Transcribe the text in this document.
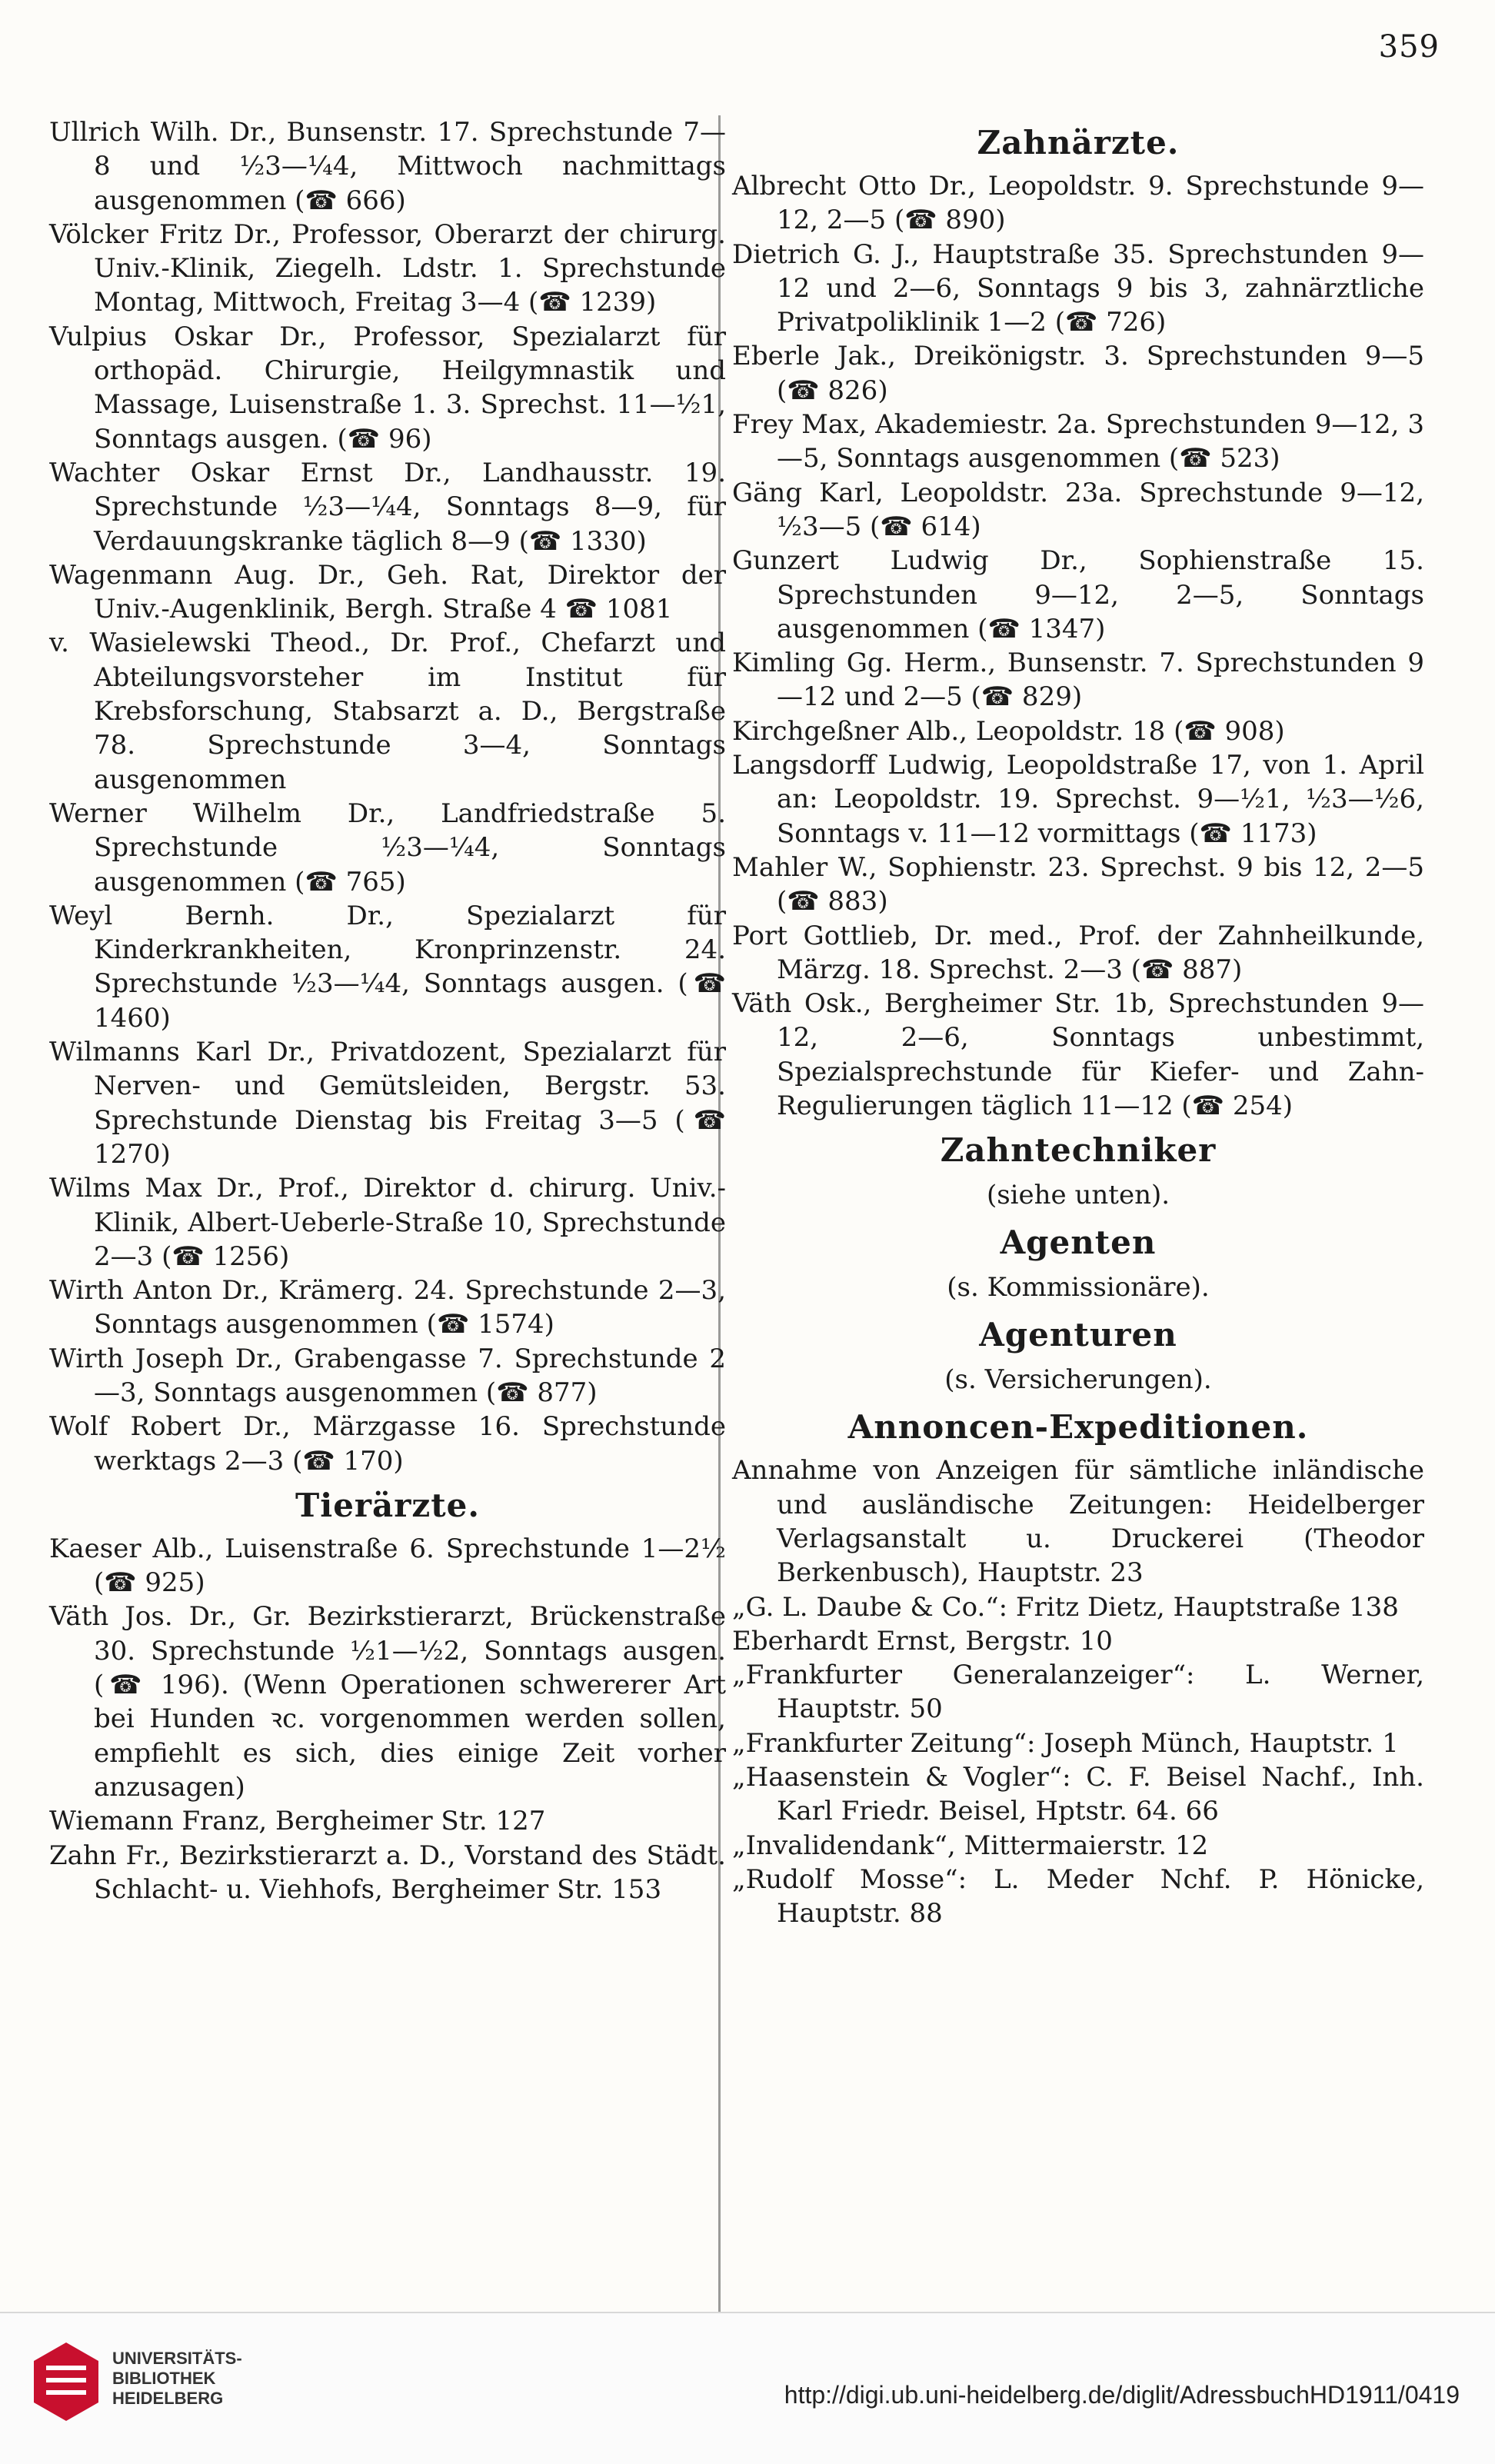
359
Ullrich Wilh. Dr., Bunsenstr. 17. Sprechstunde 7—8 und ½3—¼4, Mittwoch nachmittags ausgenommen (☎ 666)
Völcker Fritz Dr., Professor, Oberarzt der chirurg. Univ.-Klinik, Ziegelh. Ldstr. 1. Sprechstunde Montag, Mittwoch, Freitag 3—4 (☎ 1239)
Vulpius Oskar Dr., Professor, Spezialarzt für orthopäd. Chirurgie, Heilgymnastik und Massage, Luisenstraße 1. 3. Sprechst. 11—½1, Sonntags ausgen. (☎ 96)
Wachter Oskar Ernst Dr., Landhausstr. 19. Sprechstunde ½3—¼4, Sonntags 8—9, für Verdauungskranke täglich 8—9 (☎ 1330)
Wagenmann Aug. Dr., Geh. Rat, Direktor der Univ.-Augenklinik, Bergh. Straße 4 ☎ 1081
v. Wasielewski Theod., Dr. Prof., Chefarzt und Abteilungsvorsteher im Institut für Krebsforschung, Stabsarzt a. D., Bergstraße 78. Sprechstunde 3—4, Sonntags ausgenommen
Werner Wilhelm Dr., Landfriedstraße 5. Sprechstunde ½3—¼4, Sonntags ausgenommen (☎ 765)
Weyl Bernh. Dr., Spezialarzt für Kinderkrankheiten, Kronprinzenstr. 24. Sprechstunde ½3—¼4, Sonntags ausgen. (☎ 1460)
Wilmanns Karl Dr., Privatdozent, Spezialarzt für Nerven- und Gemütsleiden, Bergstr. 53. Sprechstunde Dienstag bis Freitag 3—5 (☎ 1270)
Wilms Max Dr., Prof., Direktor d. chirurg. Univ.-Klinik, Albert-Ueberle-Straße 10, Sprechstunde 2—3 (☎ 1256)
Wirth Anton Dr., Krämerg. 24. Sprechstunde 2—3, Sonntags ausgenommen (☎ 1574)
Wirth Joseph Dr., Grabengasse 7. Sprechstunde 2—3, Sonntags ausgenommen (☎ 877)
Wolf Robert Dr., Märzgasse 16. Sprechstunde werktags 2—3 (☎ 170)
Tierärzte.
Kaeser Alb., Luisenstraße 6. Sprechstunde 1—2½ (☎ 925)
Väth Jos. Dr., Gr. Bezirkstierarzt, Brückenstraße 30. Sprechstunde ½1—½2, Sonntags ausgen. (☎ 196). (Wenn Operationen schwererer Art bei Hunden ꝛc. vorgenommen werden sollen, empfiehlt es sich, dies einige Zeit vorher anzusagen)
Wiemann Franz, Bergheimer Str. 127
Zahn Fr., Bezirkstierarzt a. D., Vorstand des Städt. Schlacht- u. Viehhofs, Bergheimer Str. 153
Zahnärzte.
Albrecht Otto Dr., Leopoldstr. 9. Sprechstunde 9—12, 2—5 (☎ 890)
Dietrich G. J., Hauptstraße 35. Sprechstunden 9—12 und 2—6, Sonntags 9 bis 3, zahnärztliche Privatpoliklinik 1—2 (☎ 726)
Eberle Jak., Dreikönigstr. 3. Sprechstunden 9—5 (☎ 826)
Frey Max, Akademiestr. 2a. Sprechstunden 9—12, 3—5, Sonntags ausgenommen (☎ 523)
Gäng Karl, Leopoldstr. 23a. Sprechstunde 9—12, ½3—5 (☎ 614)
Gunzert Ludwig Dr., Sophienstraße 15. Sprechstunden 9—12, 2—5, Sonntags ausgenommen (☎ 1347)
Kimling Gg. Herm., Bunsenstr. 7. Sprechstunden 9—12 und 2—5 (☎ 829)
Kirchgeßner Alb., Leopoldstr. 18 (☎ 908)
Langsdorff Ludwig, Leopoldstraße 17, von 1. April an: Leopoldstr. 19. Sprechst. 9—½1, ½3—½6, Sonntags v. 11—12 vormittags (☎ 1173)
Mahler W., Sophienstr. 23. Sprechst. 9 bis 12, 2—5 (☎ 883)
Port Gottlieb, Dr. med., Prof. der Zahnheilkunde, Märzg. 18. Sprechst. 2—3 (☎ 887)
Väth Osk., Bergheimer Str. 1b, Sprechstunden 9—12, 2—6, Sonntags unbestimmt, Spezialsprechstunde für Kiefer- und Zahn-Regulierungen täglich 11—12 (☎ 254)
Zahntechniker
(siehe unten).
Agenten
(s. Kommissionäre).
Agenturen
(s. Versicherungen).
Annoncen-Expeditionen.
Annahme von Anzeigen für sämtliche inländische und ausländische Zeitungen: Heidelberger Verlagsanstalt u. Druckerei (Theodor Berkenbusch), Hauptstr. 23
„G. L. Daube & Co.“: Fritz Dietz, Hauptstraße 138
Eberhardt Ernst, Bergstr. 10
„Frankfurter Generalanzeiger“: L. Werner, Hauptstr. 50
„Frankfurter Zeitung“: Joseph Münch, Hauptstr. 1
„Haasenstein & Vogler“: C. F. Beisel Nachf., Inh. Karl Friedr. Beisel, Hptstr. 64. 66
„Invalidendank“, Mittermaierstr. 12
„Rudolf Mosse“: L. Meder Nchf. P. Hönicke, Hauptstr. 88
UNIVERSITÄTS-
BIBLIOTHEK
HEIDELBERG	http://digi.ub.uni-heidelberg.de/diglit/AdressbuchHD1911/0419
